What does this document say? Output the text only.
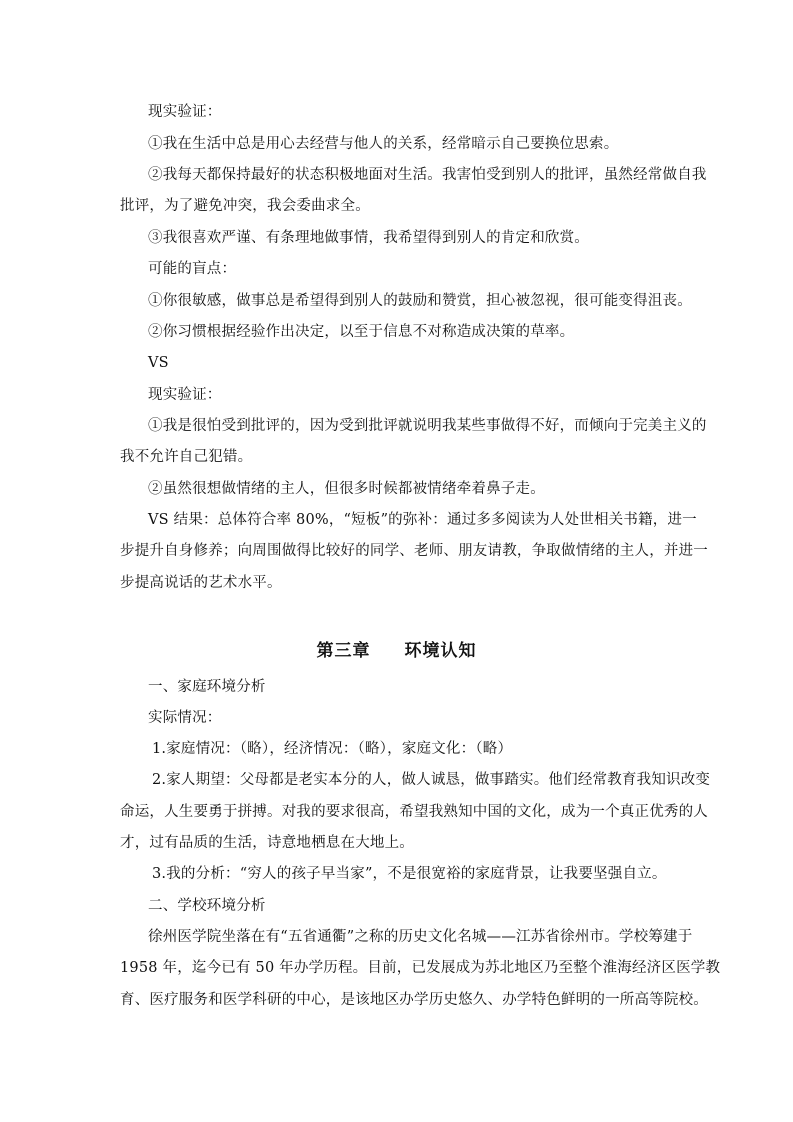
现实验证：
①我在生活中总是用心去经营与他人的关系，经常暗示自己要换位思索。
②我每天都保持最好的状态积极地面对生活。我害怕受到别人的批评，虽然经常做自我
批评，为了避免冲突，我会委曲求全。
③我很喜欢严谨、有条理地做事情，我希望得到别人的肯定和欣赏。
可能的盲点：
①你很敏感，做事总是希望得到别人的鼓励和赞赏，担心被忽视，很可能变得沮丧。
②你习惯根据经验作出决定，以至于信息不对称造成决策的草率。
VS
现实验证：
①我是很怕受到批评的，因为受到批评就说明我某些事做得不好，而倾向于完美主义的
我不允许自己犯错。
②虽然很想做情绪的主人，但很多时候都被情绪牵着鼻子走。
VS 结果：总体符合率 80%，“短板”的弥补：通过多多阅读为人处世相关书籍，进一
步提升自身修养；向周围做得比较好的同学、老师、朋友请教，争取做情绪的主人，并进一
步提高说话的艺术水平。
第三章 环境认知
一、家庭环境分析
实际情况：
1.家庭情况：（略），经济情况：（略），家庭文化：（略）
2.家人期望：父母都是老实本分的人，做人诚恳，做事踏实。他们经常教育我知识改变
命运，人生要勇于拼搏。对我的要求很高，希望我熟知中国的文化，成为一个真正优秀的人
才，过有品质的生活，诗意地栖息在大地上。
3.我的分析：“穷人的孩子早当家”，不是很宽裕的家庭背景，让我要坚强自立。
二、学校环境分析
徐州医学院坐落在有“五省通衢”之称的历史文化名城——江苏省徐州市。学校筹建于
1958 年，迄今已有 50 年办学历程。目前，已发展成为苏北地区乃至整个淮海经济区医学教
育、医疗服务和医学科研的中心，是该地区办学历史悠久、办学特色鲜明的一所高等院校。
